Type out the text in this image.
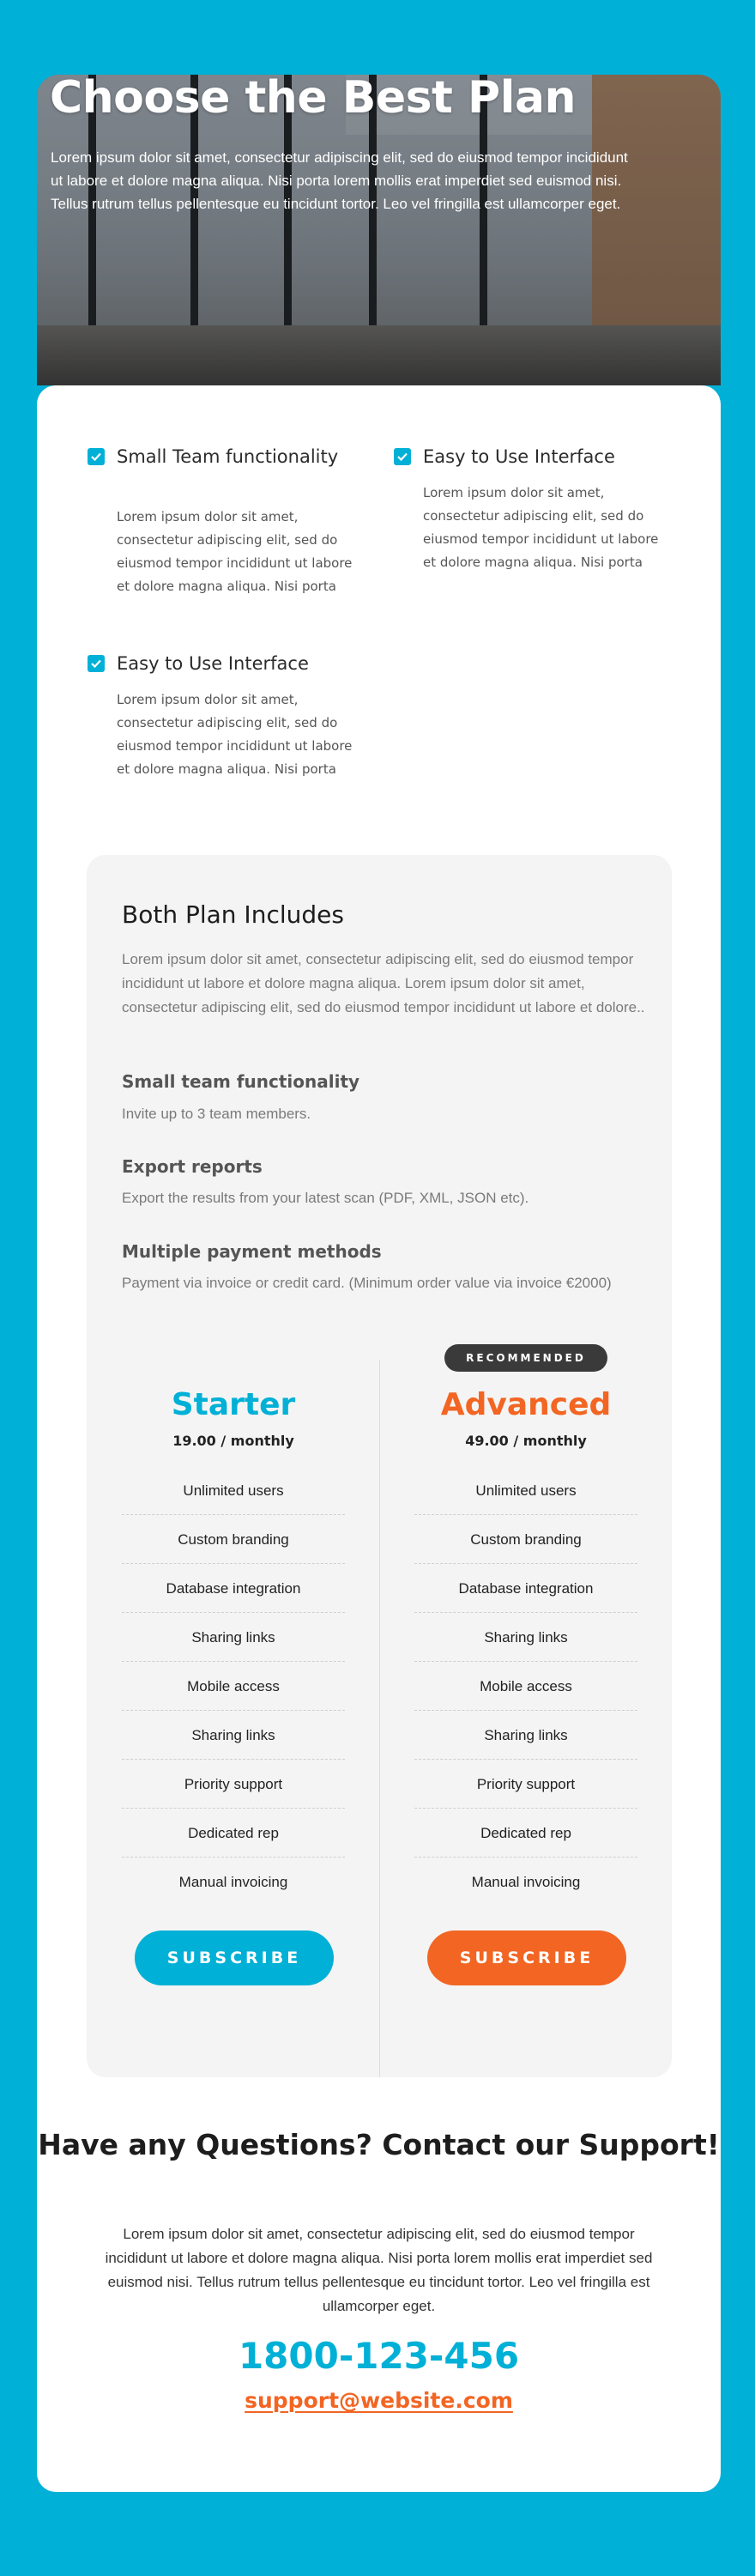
Choose the Best Plan

Lorem ipsum dolor sit amet, consectetur adipiscing elit, sed do eiusmod tempor incididunt ut labore et dolore magna aliqua. Nisi porta lorem mollis erat imperdiet sed euismod nisi. Tellus rutrum tellus pellentesque eu tincidunt tortor. Leo vel fringilla est ullamcorper eget.

Small Team functionality

Lorem ipsum dolor sit amet, consectetur adipiscing elit, sed do eiusmod tempor incididunt ut labore et dolore magna aliqua. Nisi porta

Easy to Use Interface

Lorem ipsum dolor sit amet, consectetur adipiscing elit, sed do eiusmod tempor incididunt ut labore et dolore magna aliqua. Nisi porta

Easy to Use Interface

Lorem ipsum dolor sit amet, consectetur adipiscing elit, sed do eiusmod tempor incididunt ut labore et dolore magna aliqua. Nisi porta

Both Plan Includes

Lorem ipsum dolor sit amet, consectetur adipiscing elit, sed do eiusmod tempor incididunt ut labore et dolore magna aliqua. Lorem ipsum dolor sit amet, consectetur adipiscing elit, sed do eiusmod tempor incididunt ut labore et dolore..

Small team functionality

Invite up to 3 team members.

Export reports

Export the results from your latest scan (PDF, XML, JSON etc).

Multiple payment methods

Payment via invoice or credit card. (Minimum order value via invoice €2000)

Starter
19.00 / monthly
Unlimited users
Custom branding
Database integration
Sharing links
Mobile access
Sharing links
Priority support
Dedicated rep
Manual invoicing
SUBSCRIBE
RECOMMENDED
Advanced
49.00 / monthly
Unlimited users
Custom branding
Database integration
Sharing links
Mobile access
Sharing links
Priority support
Dedicated rep
Manual invoicing
SUBSCRIBE
Have any Questions? Contact our Support!

Lorem ipsum dolor sit amet, consectetur adipiscing elit, sed do eiusmod tempor incididunt ut labore et dolore magna aliqua. Nisi porta lorem mollis erat imperdiet sed euismod nisi. Tellus rutrum tellus pellentesque eu tincidunt tortor. Leo vel fringilla est ullamcorper eget.

1800-123-456
support@website.com
